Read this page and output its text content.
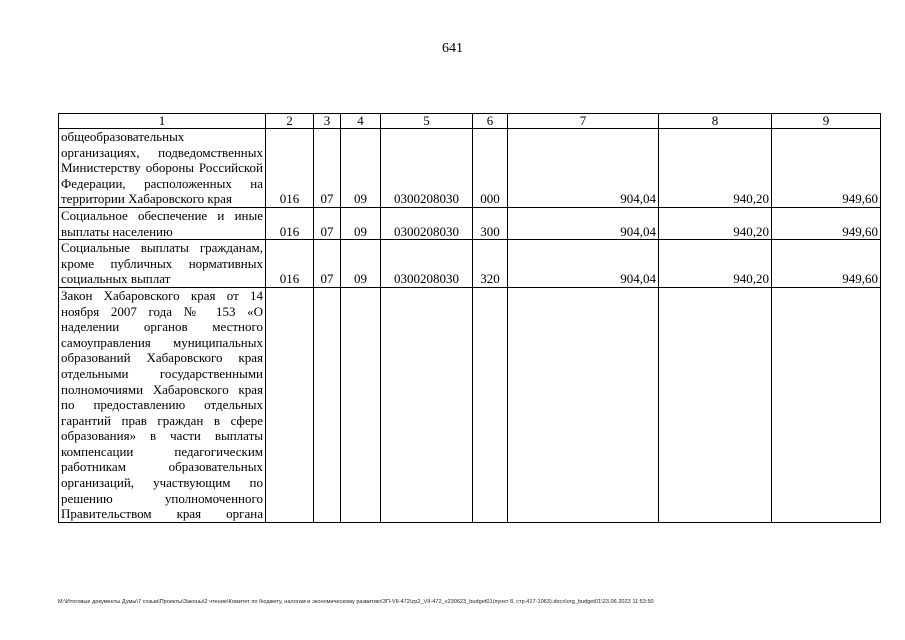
641
1	2	3	4	5	6	7	8	9
общеобразовательных организациях, подведомственных Министерству обороны Российской Федерации, расположенных на территории Хабаровского края	016	07	09	0300208030	000	904,04	940,20	949,60
Социальное обеспечение и иные выплаты населению	016	07	09	0300208030	300	904,04	940,20	949,60
Социальные выплаты гражданам, кроме публичных нормативных социальных выплат	016	07	09	0300208030	320	904,04	940,20	949,60
Закон Хабаровского края от 14 ноября 2007 года № 153 «О наделении органов местного самоуправления муниципальных образований Хабаровского края отдельными государственными полномочиями Хабаровского края по предоставлению отдельных гарантий прав граждан в сфере образования» в части выплаты компенсации педагогическим работникам образовательных организаций, участвующим по решению уполномоченного Правительством края органа								
M:\Итоговые документы Думы\7 созыв\Проекты\Законы\2 чтение\Комитет по бюджету, налогам и экономическому развитию\ЗП-VII-472\zp2_VII-472_v230623_budget01(пункт 8, стр.417-1063).docx\org_budget01\23.06.2023 11:53:50
